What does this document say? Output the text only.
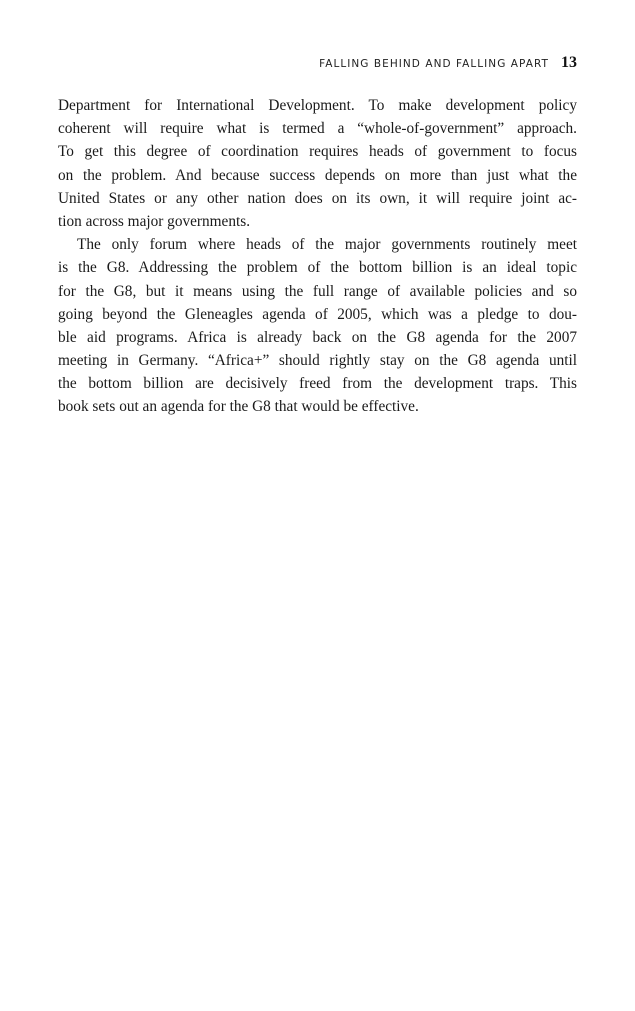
FALLING BEHIND AND FALLING APART 13

Department for International Development. To make development policy
coherent will require what is termed a “whole-of-government” approach.
To get this degree of coordination requires heads of government to focus
on the problem. And because success depends on more than just what the
United States or any other nation does on its own, it will require joint ac-
tion across major governments.

The only forum where heads of the major governments routinely meet
is the G8. Addressing the problem of the bottom billion is an ideal topic
for the G8, but it means using the full range of available policies and so
going beyond the Gleneagles agenda of 2005, which was a pledge to dou-
ble aid programs. Africa is already back on the G8 agenda for the 2007
meeting in Germany. “Africa+” should rightly stay on the G8 agenda until
the bottom billion are decisively freed from the development traps. This
book sets out an agenda for the G8 that would be effective.
